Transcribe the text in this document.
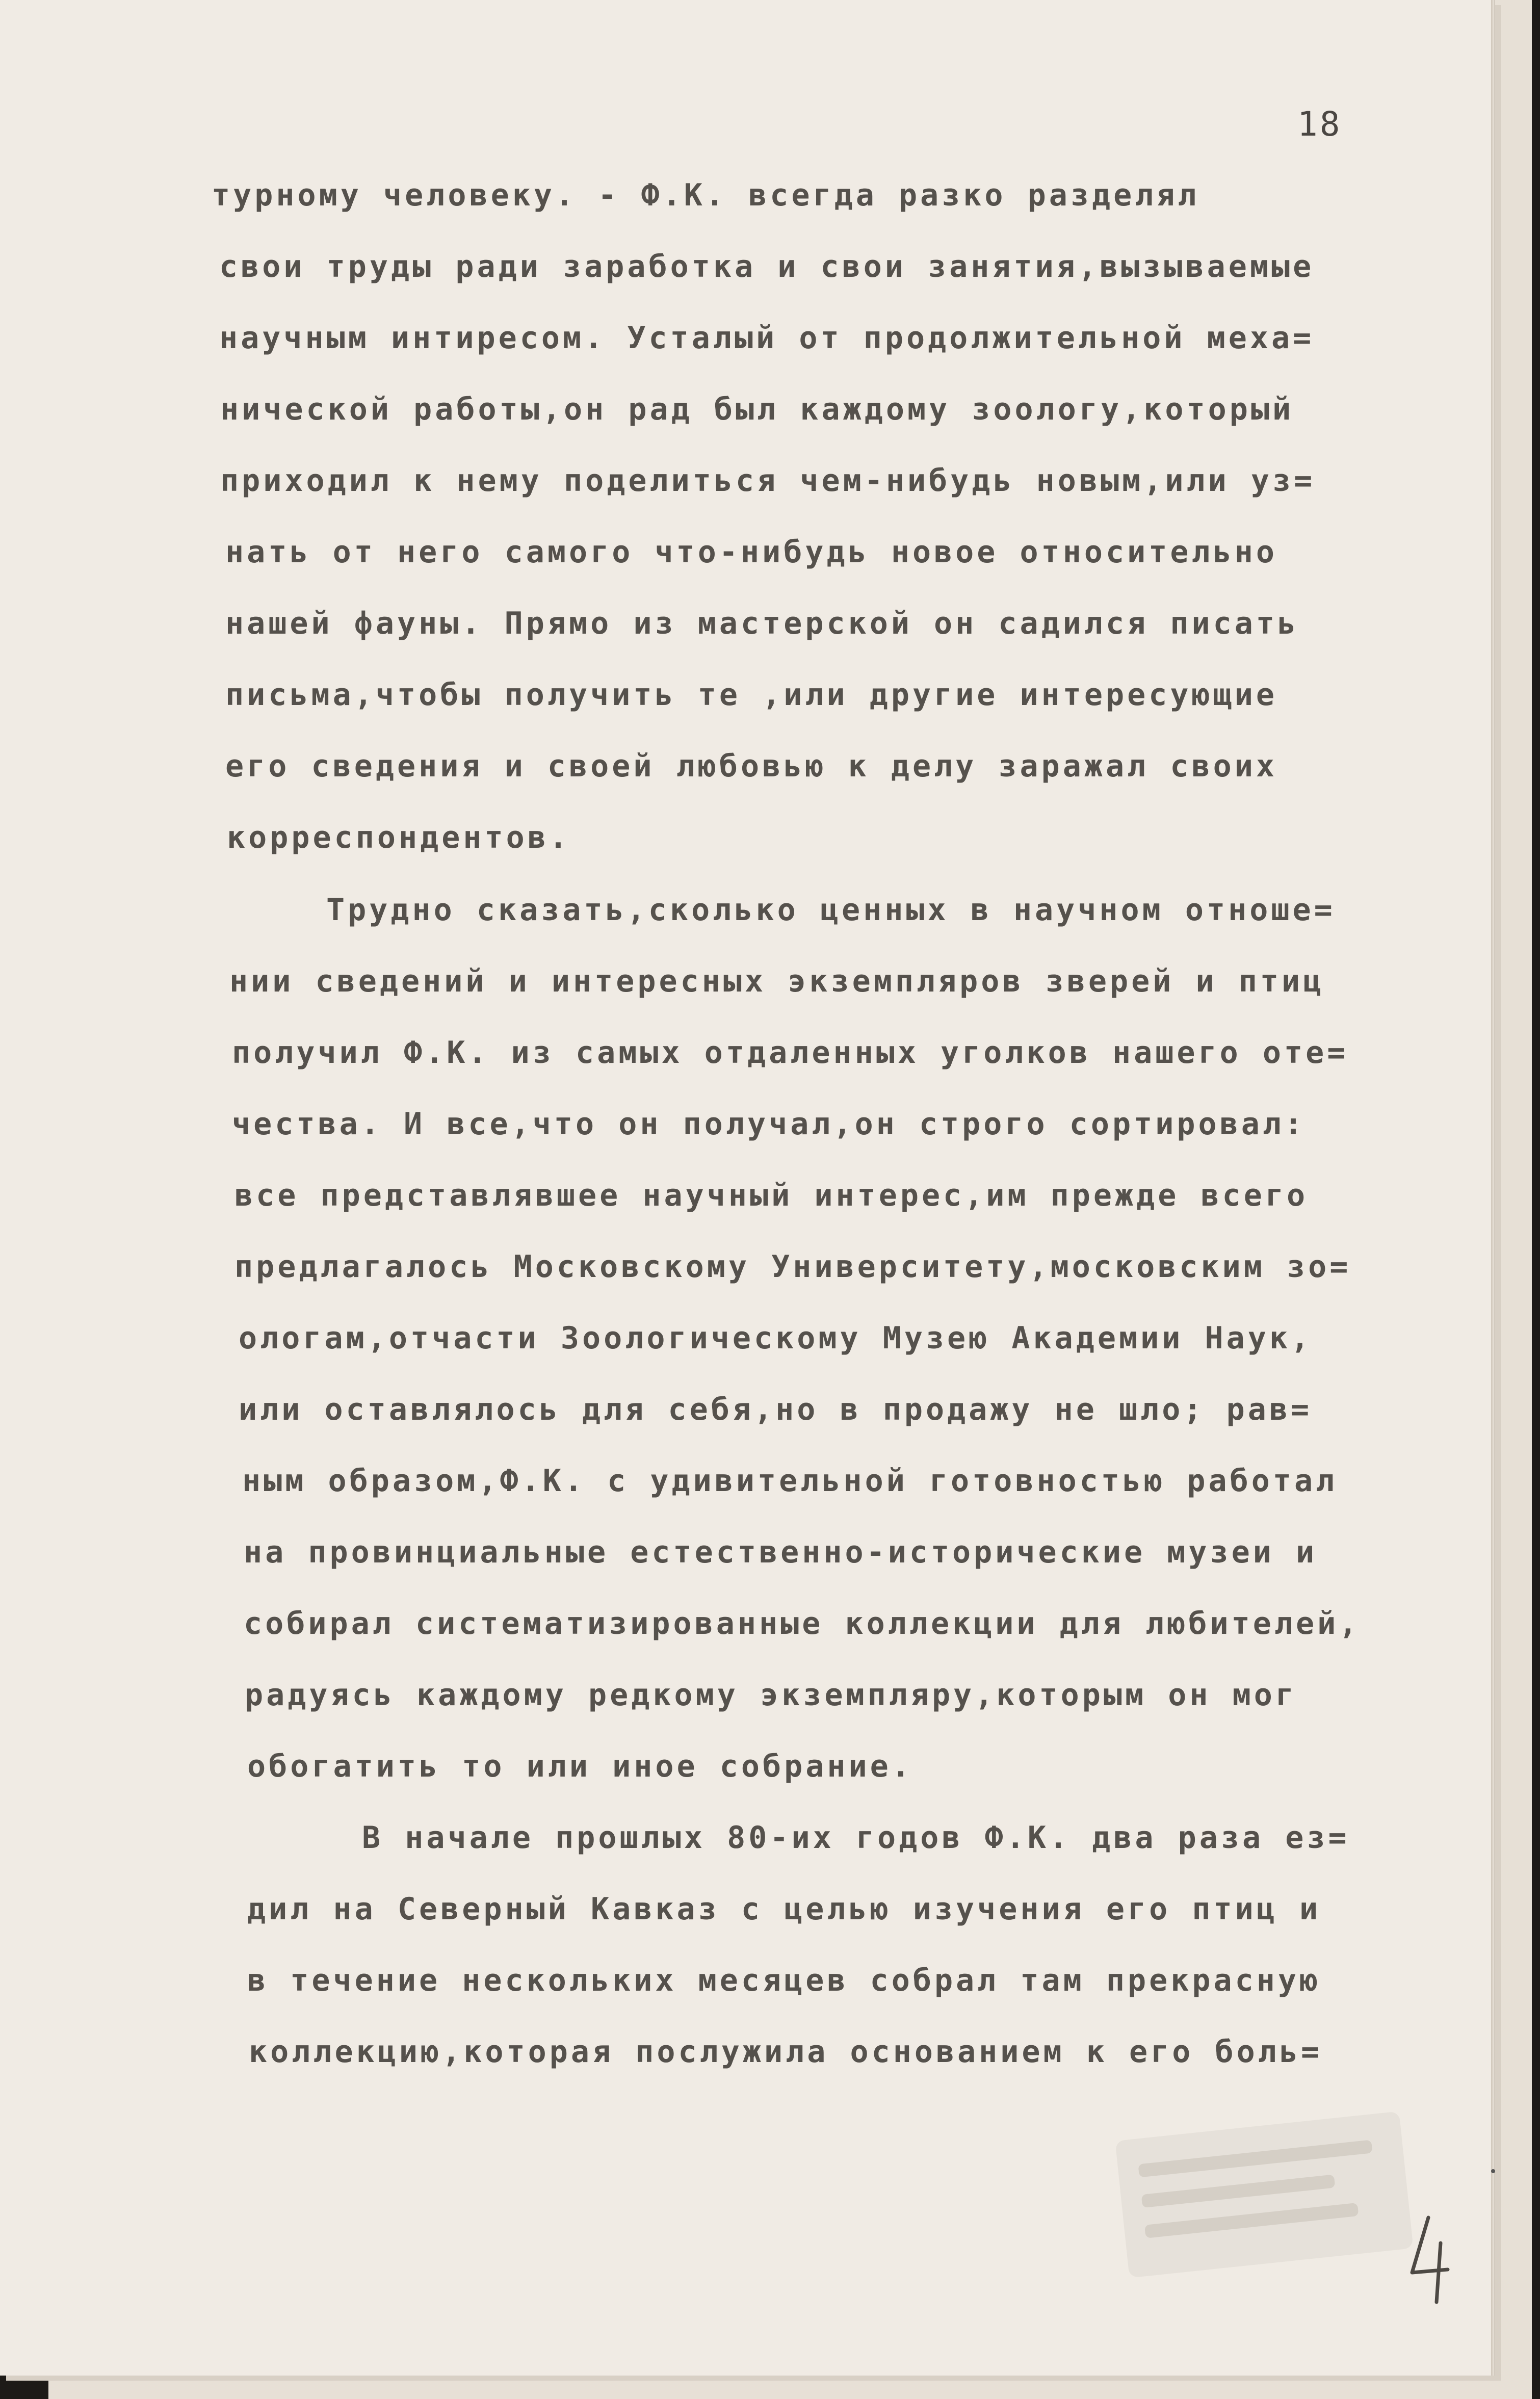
18
турному человеку. - Ф.К. всегда разко разделял
свои труды ради заработка и свои занятия,вызываемые
научным интиресом. Усталый от продолжительной меха=
нической работы,он рад был каждому зоологу,который
приходил к нему поделиться чем-нибудь новым,или уз=
нать от него самого что-нибудь новое относительно
нашей фауны. Прямо из мастерской он садился писать
письма,чтобы получить те ,или другие интересующие
его сведения и своей любовью к делу заражал своих
корреспондентов.
Трудно сказать,сколько ценных в научном отноше=
нии сведений и интересных экземпляров зверей и птиц
получил Ф.К. из самых отдаленных уголков нашего оте=
чества. И все,что он получал,он строго сортировал:
все представлявшее научный интерес,им прежде всего
предлагалось Московскому Университету,московским зо=
ологам,отчасти Зоологическому Музею Академии Наук,
или оставлялось для себя,но в продажу не шло; рав=
ным образом,Ф.К. с удивительной готовностью работал
на провинциальные естественно-исторические музеи и
собирал систематизированные коллекции для любителей,
радуясь каждому редкому экземпляру,которым он мог
обогатить то или иное собрание.
В начале прошлых 80-их годов Ф.К. два раза ез=
дил на Северный Кавказ с целью изучения его птиц и
в течение нескольких месяцев собрал там прекрасную
коллекцию,которая послужила основанием к его боль=
